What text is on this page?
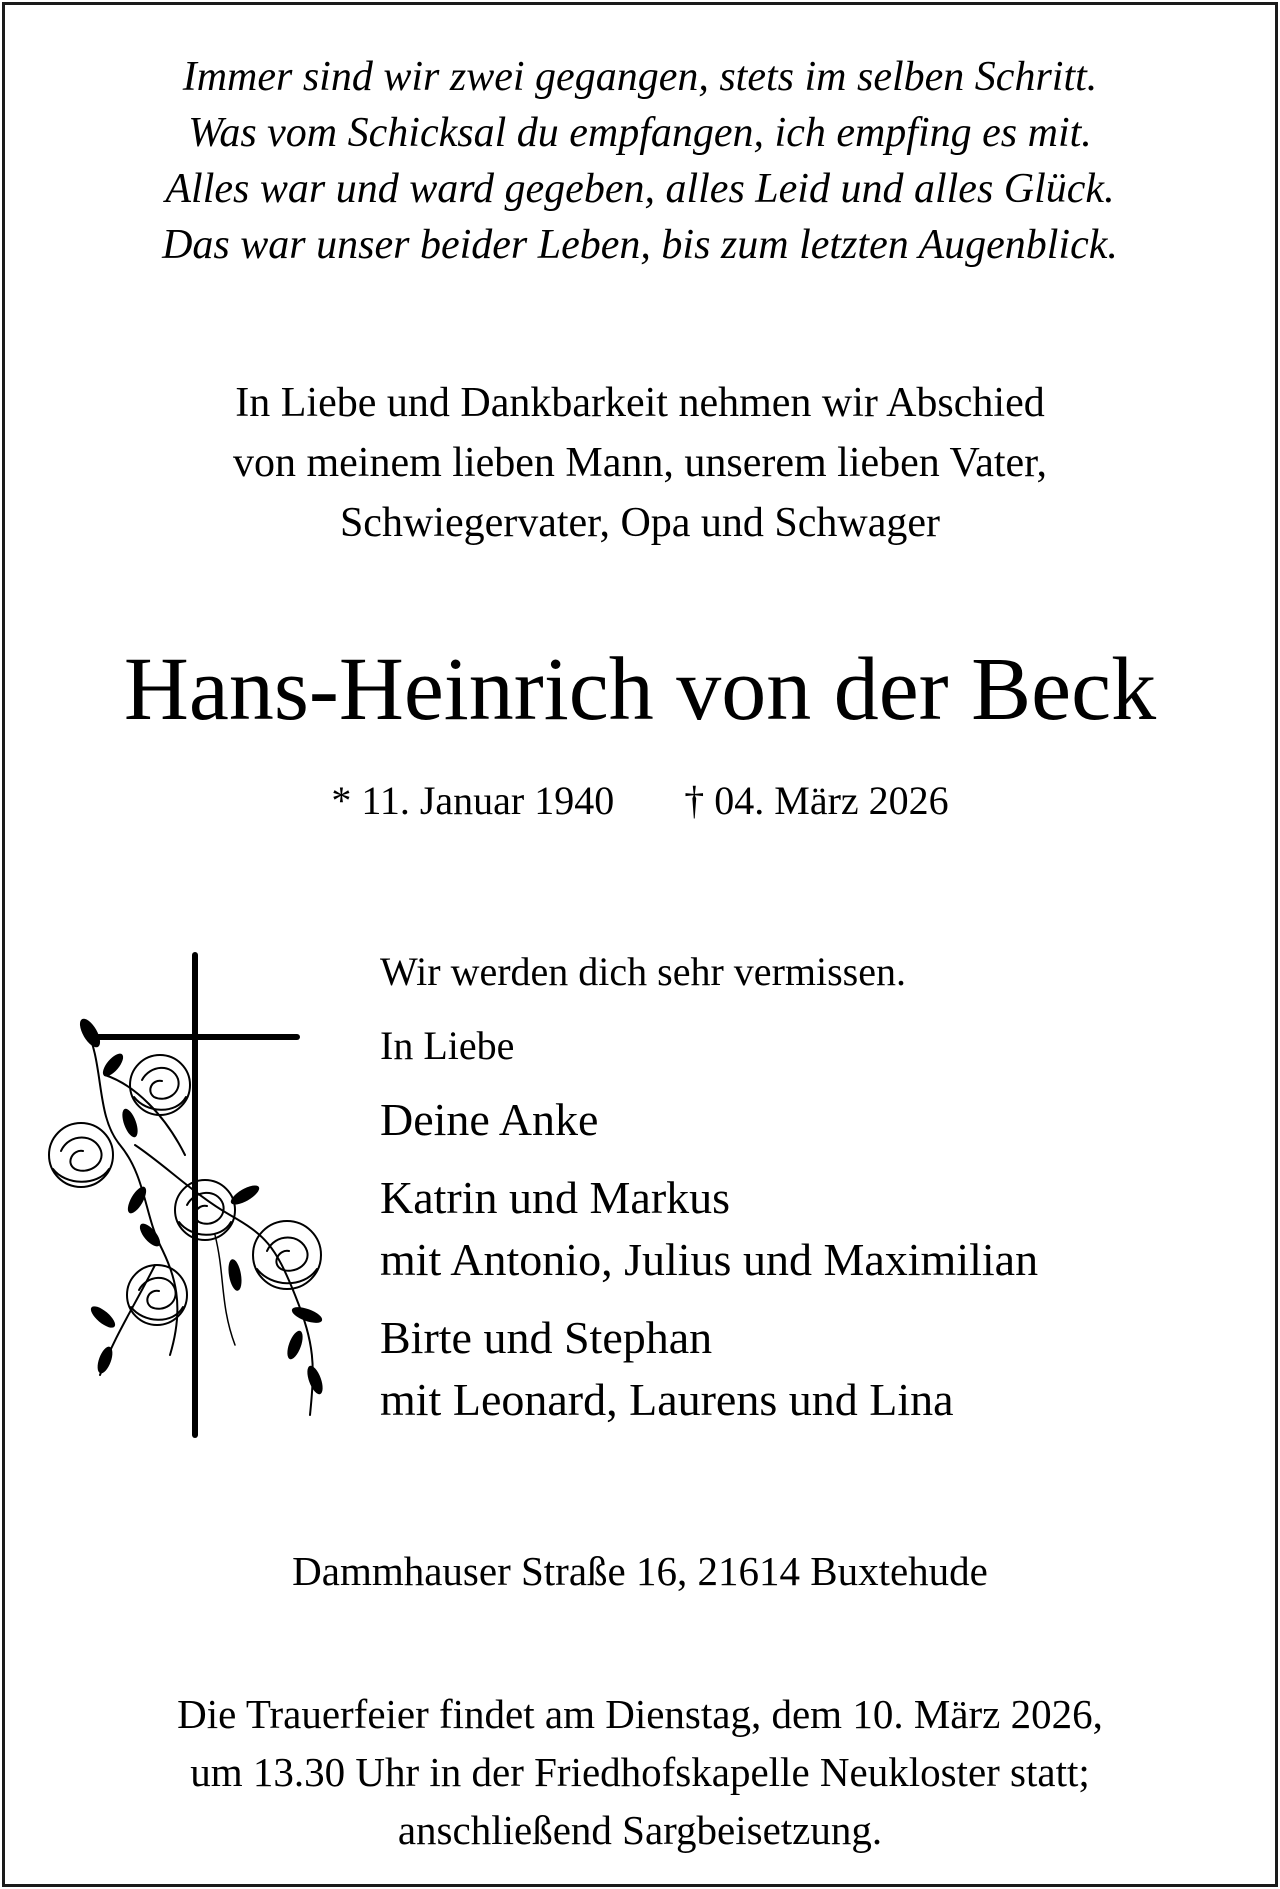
Immer sind wir zwei gegangen, stets im selben Schritt.
Was vom Schicksal du empfangen, ich empfing es mit.
Alles war und ward gegeben, alles Leid und alles Glück.
Das war unser beider Leben, bis zum letzten Augenblick.
In Liebe und Dankbarkeit nehmen wir Abschied
von meinem lieben Mann, unserem lieben Vater,
Schwiegervater, Opa und Schwager
Hans-Heinrich von der Beck
* 11. Januar 1940 † 04. März 2026
Wir werden dich sehr vermissen.
In Liebe
Deine Anke
Katrin und Markus
mit Antonio, Julius und Maximilian
Birte und Stephan
mit Leonard, Laurens und Lina
Dammhauser Straße 16, 21614 Buxtehude
Die Trauerfeier findet am Dienstag, dem 10. März 2026,
um 13.30 Uhr in der Friedhofskapelle Neukloster statt;
anschließend Sargbeisetzung.
